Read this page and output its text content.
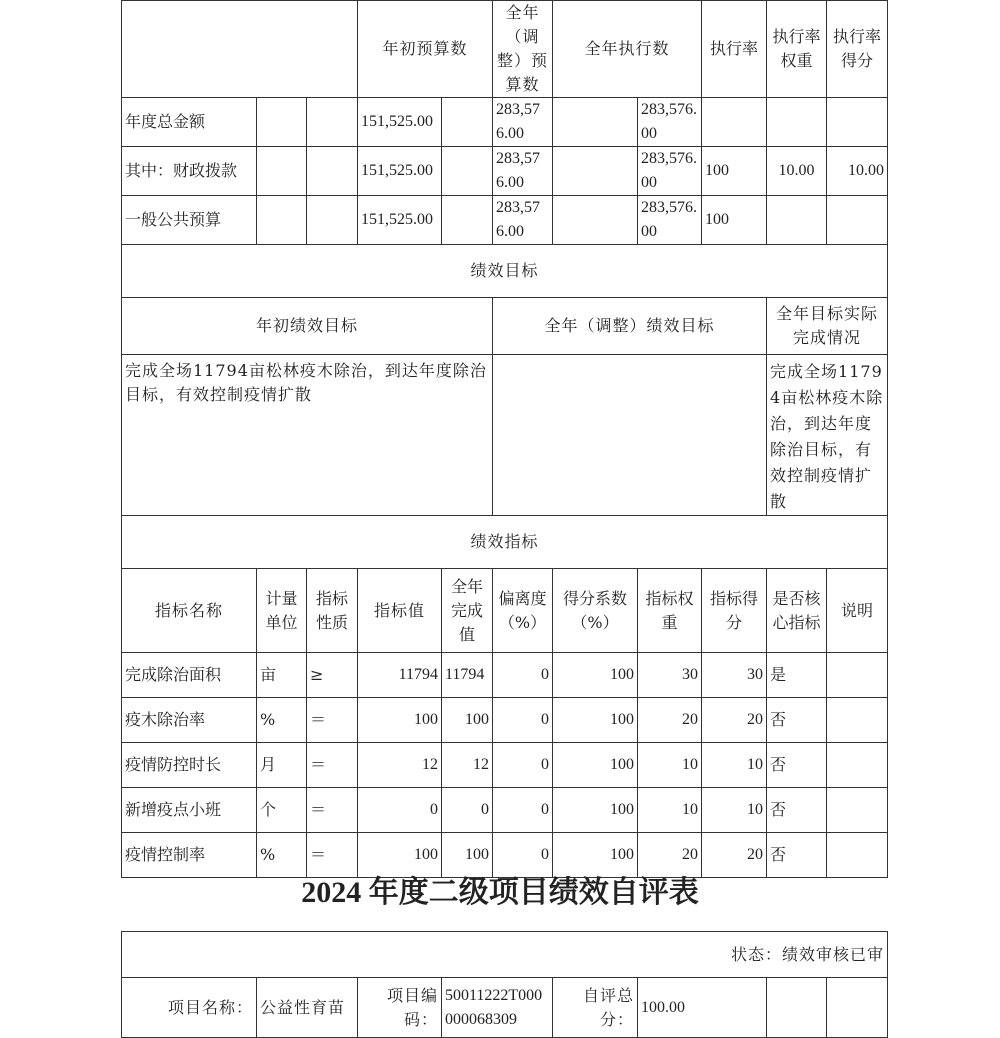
			年初预算数		全年（调整）预算数	全年执行数		执行率	执行率权重	执行率得分
年度总金额			151,525.00		283,576.00		283,576.00			
其中：财政拨款			151,525.00		283,576.00		283,576.00	100	10.00	10.00
一般公共预算			151,525.00		283,576.00		283,576.00	100		
绩效目标										
年初绩效目标					全年（调整）绩效目标				全年目标实际完成情况	
完成全场11794亩松林疫木除治，到达年度除治目标，有效控制疫情扩散									完成全场11794亩松林疫木除治，到达年度除治目标，有效控制疫情扩散	
绩效指标										
指标名称	计量单位	指标性质	指标值	全年完成值	偏离度（%）	得分系数（%）	指标权重	指标得分	是否核心指标	说明
完成除治面积	亩	≥	11794	11794	0	100	30	30	是	
疫木除治率	%	＝	100	100	0	100	20	20	否	
疫情防控时长	月	＝	12	12	0	100	10	10	否	
新增疫点小班	个	＝	0	0	0	100	10	10	否	
疫情控制率	%	＝	100	100	0	100	20	20	否	
2024 年度二级项目绩效自评表
状态：绩效审核已审
项目名称：	公益性育苗	项目编码：	50011222T000000068309	自评总分：	100.00		
